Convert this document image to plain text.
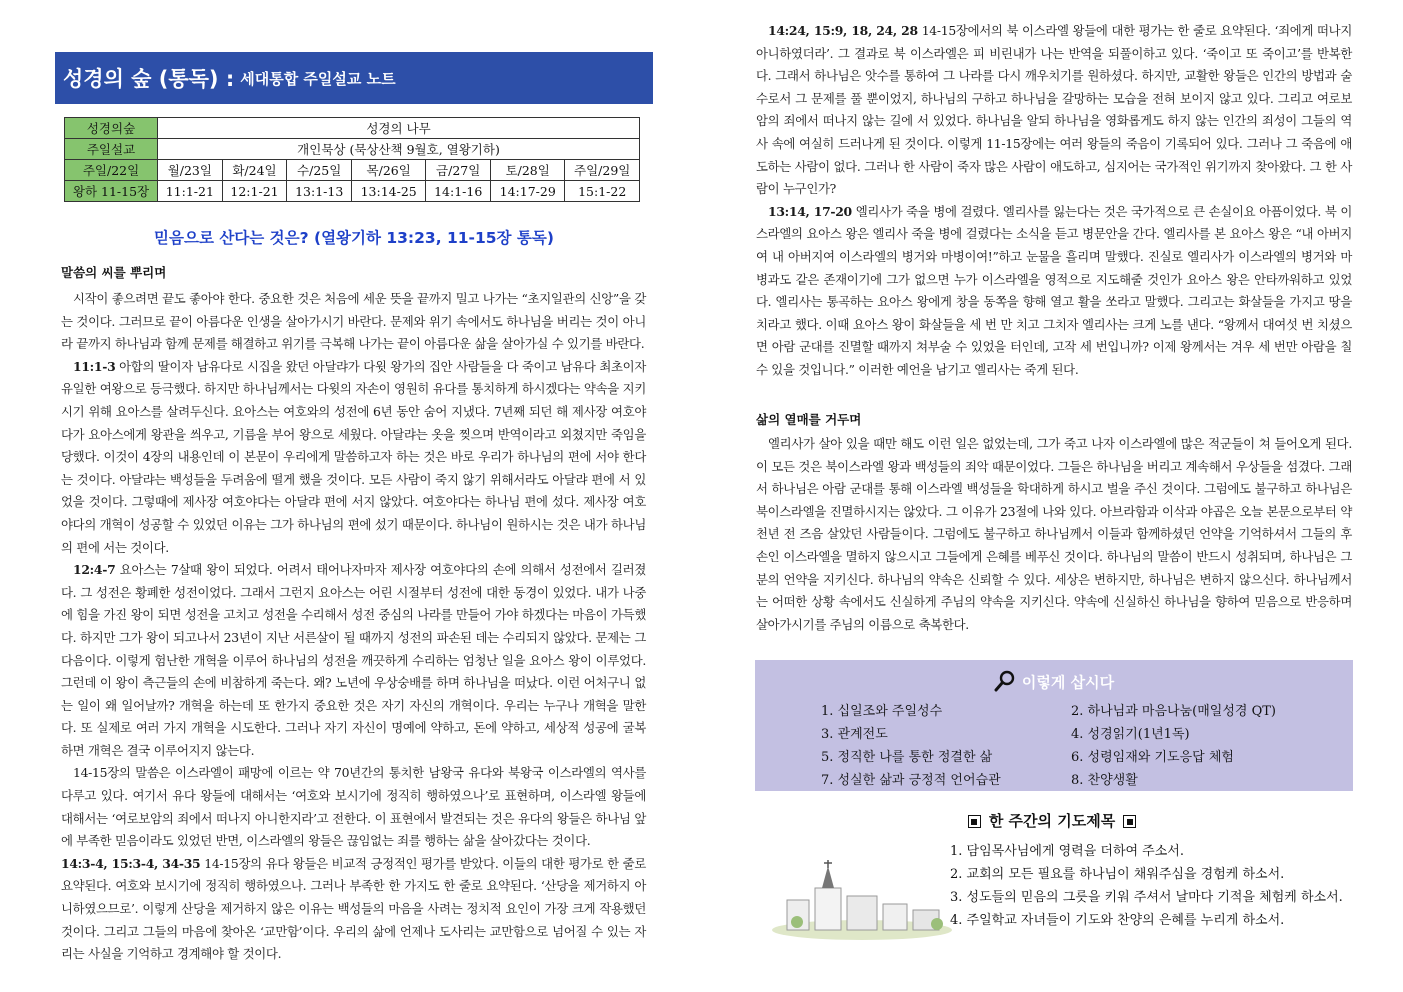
성경의 숲 (통독) : 세대통합 주일설교 노트
성경의숲	성경의 나무						
주일설교	개인묵상 (묵상산책 9월호, 열왕기하)						
주일/22일	월/23일	화/24일	수/25일	목/26일	금/27일	토/28일	주일/29일
왕하 11-15장	11:1-21	12:1-21	13:1-13	13:14-25	14:1-16	14:17-29	15:1-22
믿음으로 산다는 것은? (열왕기하 13:23, 11-15장 통독)
말씀의 씨를 뿌리며

시작이 좋으려면 끝도 좋아야 한다. 중요한 것은 처음에 세운 뜻을 끝까지 밀고 나가는 “초지일관의 신앙”을 갖는 것이다. 그러므로 끝이 아름다운 인생을 살아가시기 바란다. 문제와 위기 속에서도 하나님을 버리는 것이 아니라 끝까지 하나님과 함께 문제를 해결하고 위기를 극복해 나가는 끝이 아름다운 삶을 살아가실 수 있기를 바란다.

11:1-3 아합의 딸이자 남유다로 시집을 왔던 아달랴가 다윗 왕가의 집안 사람들을 다 죽이고 남유다 최초이자 유일한 여왕으로 등극했다. 하지만 하나님께서는 다윗의 자손이 영원히 유다를 통치하게 하시겠다는 약속을 지키시기 위해 요아스를 살려두신다. 요아스는 여호와의 성전에 6년 동안 숨어 지냈다. 7년째 되던 해 제사장 여호야다가 요아스에게 왕관을 씌우고, 기름을 부어 왕으로 세웠다. 아달랴는 옷을 찢으며 반역이라고 외쳤지만 죽임을 당했다. 이것이 4장의 내용인데 이 본문이 우리에게 말씀하고자 하는 것은 바로 우리가 하나님의 편에 서야 한다는 것이다. 아달랴는 백성들을 두려움에 떨게 했을 것이다. 모든 사람이 죽지 않기 위해서라도 아달랴 편에 서 있었을 것이다. 그렇때에 제사장 여호야다는 아달랴 편에 서지 않았다. 여호야다는 하나님 편에 섰다. 제사장 여호야다의 개혁이 성공할 수 있었던 이유는 그가 하나님의 편에 섰기 때문이다. 하나님이 원하시는 것은 내가 하나님의 편에 서는 것이다.

12:4-7 요아스는 7살때 왕이 되었다. 어려서 태어나자마자 제사장 여호야다의 손에 의해서 성전에서 길러졌다. 그 성전은 황폐한 성전이었다. 그래서 그런지 요아스는 어린 시절부터 성전에 대한 동경이 있었다. 내가 나중에 힘을 가진 왕이 되면 성전을 고치고 성전을 수리해서 성전 중심의 나라를 만들어 가야 하겠다는 마음이 가득했다. 하지만 그가 왕이 되고나서 23년이 지난 서른살이 될 때까지 성전의 파손된 데는 수리되지 않았다. 문제는 그 다음이다. 이렇게 험난한 개혁을 이루어 하나님의 성전을 깨끗하게 수리하는 엄청난 일을 요아스 왕이 이루었다. 그런데 이 왕이 측근들의 손에 비참하게 죽는다. 왜? 노년에 우상숭배를 하며 하나님을 떠났다. 이런 어처구니 없는 일이 왜 일어날까? 개혁을 하는데 또 한가지 중요한 것은 자기 자신의 개혁이다. 우리는 누구나 개혁을 말한다. 또 실제로 여러 가지 개혁을 시도한다. 그러나 자기 자신이 명예에 약하고, 돈에 약하고, 세상적 성공에 굴복하면 개혁은 결국 이루어지지 않는다.

14-15장의 말씀은 이스라엘이 패망에 이르는 약 70년간의 통치한 남왕국 유다와 북왕국 이스라엘의 역사를 다루고 있다. 여기서 유다 왕들에 대해서는 ‘여호와 보시기에 정직히 행하였으나’로 표현하며, 이스라엘 왕들에 대해서는 ‘여로보암의 죄에서 떠나지 아니한지라’고 전한다. 이 표현에서 발견되는 것은 유다의 왕들은 하나님 앞에 부족한 믿음이라도 있었던 반면, 이스라엘의 왕들은 끊임없는 죄를 행하는 삶을 살아갔다는 것이다.

14:3-4, 15:3-4, 34-35 14-15장의 유다 왕들은 비교적 긍정적인 평가를 받았다. 이들의 대한 평가로 한 줄로 요약된다. 여호와 보시기에 정직히 행하였으나. 그러나 부족한 한 가지도 한 줄로 요약된다. ‘산당을 제거하지 아니하였으므로’. 이렇게 산당을 제거하지 않은 이유는 백성들의 마음을 사려는 정치적 요인이 가장 크게 작용했던 것이다. 그리고 그들의 마음에 찾아온 ‘교만함’이다. 우리의 삶에 언제나 도사리는 교만함으로 넘어질 수 있는 자리는 사실을 기억하고 경계해야 할 것이다.

14:24, 15:9, 18, 24, 28 14-15장에서의 북 이스라엘 왕들에 대한 평가는 한 줄로 요약된다. ‘죄에게 떠나지 아니하였더라’. 그 결과로 북 이스라엘은 피 비린내가 나는 반역을 되풀이하고 있다. ‘죽이고 또 죽이고’를 반복한다. 그래서 하나님은 앗수를 통하여 그 나라를 다시 깨우치기를 원하셨다. 하지만, 교활한 왕들은 인간의 방법과 술수로서 그 문제를 풀 뿐이었지, 하나님의 구하고 하나님을 갈망하는 모습을 전혀 보이지 않고 있다. 그리고 여로보암의 죄에서 떠나지 않는 길에 서 있었다. 하나님을 알되 하나님을 영화롭게도 하지 않는 인간의 죄성이 그들의 역사 속에 여실히 드러나게 된 것이다. 이렇게 11-15장에는 여러 왕들의 죽음이 기록되어 있다. 그러나 그 죽음에 애도하는 사람이 없다. 그러나 한 사람이 죽자 많은 사람이 애도하고, 심지어는 국가적인 위기까지 찾아왔다. 그 한 사람이 누구인가?

13:14, 17-20 엘리사가 죽을 병에 걸렸다. 엘리사를 잃는다는 것은 국가적으로 큰 손실이요 아픔이었다. 북 이스라엘의 요아스 왕은 엘리사 죽을 병에 걸렸다는 소식을 듣고 병문안을 간다. 엘리사를 본 요아스 왕은 “내 아버지여 내 아버지여 이스라엘의 병거와 마병이여!”하고 눈물을 흘리며 말했다. 진실로 엘리사가 이스라엘의 병거와 마병과도 같은 존재이기에 그가 없으면 누가 이스라엘을 영적으로 지도해줄 것인가 요아스 왕은 안타까워하고 있었다. 엘리사는 통곡하는 요아스 왕에게 창을 동쪽을 향해 열고 활을 쏘라고 말했다. 그리고는 화살들을 가지고 땅을 치라고 했다. 이때 요아스 왕이 화살들을 세 번 만 치고 그치자 엘리사는 크게 노를 낸다. “왕께서 대여섯 번 치셨으면 아람 군대를 진멸할 때까지 쳐부술 수 있었을 터인데, 고작 세 번입니까? 이제 왕께서는 겨우 세 번만 아람을 칠 수 있을 것입니다.” 이러한 예언을 남기고 엘리사는 죽게 된다.

삶의 열매를 거두며

엘리사가 살아 있을 때만 해도 이런 일은 없었는데, 그가 죽고 나자 이스라엘에 많은 적군들이 쳐 들어오게 된다. 이 모든 것은 북이스라엘 왕과 백성들의 죄악 때문이었다. 그들은 하나님을 버리고 계속해서 우상들을 섬겼다. 그래서 하나님은 아람 군대를 통해 이스라엘 백성들을 학대하게 하시고 벌을 주신 것이다. 그럼에도 불구하고 하나님은 북이스라엘을 진멸하시지는 않았다. 그 이유가 23절에 나와 있다. 아브라함과 이삭과 야곱은 오늘 본문으로부터 약 천년 전 즈음 살았던 사람들이다. 그럼에도 불구하고 하나님께서 이들과 함께하셨던 언약을 기억하셔서 그들의 후손인 이스라엘을 멸하지 않으시고 그들에게 은혜를 베푸신 것이다. 하나님의 말씀이 반드시 성취되며, 하나님은 그 분의 언약을 지키신다. 하나님의 약속은 신뢰할 수 있다. 세상은 변하지만, 하나님은 변하지 않으신다. 하나님께서는 어떠한 상황 속에서도 신실하게 주님의 약속을 지키신다. 약속에 신실하신 하나님을 향하여 믿음으로 반응하며 살아가시기를 주님의 이름으로 축복한다.

이렇게 삽시다
1. 십일조와 주일성수	2. 하나님과 마음나눔(매일성경 QT)
3. 관계전도	4. 성경읽기(1년1독)
5. 정직한 나를 통한 정결한 삶	6. 성령임재와 기도응답 체험
7. 성실한 삶과 긍정적 언어습관	8. 찬양생활
한 주간의 기도제목
1. 담임목사님에게 영력을 더하여 주소서.
2. 교회의 모든 필요를 하나님이 채워주심을 경험케 하소서.
3. 성도들의 믿음의 그릇을 키워 주셔서 날마다 기적을 체험케 하소서.
4. 주일학교 자녀들이 기도와 찬양의 은혜를 누리게 하소서.
